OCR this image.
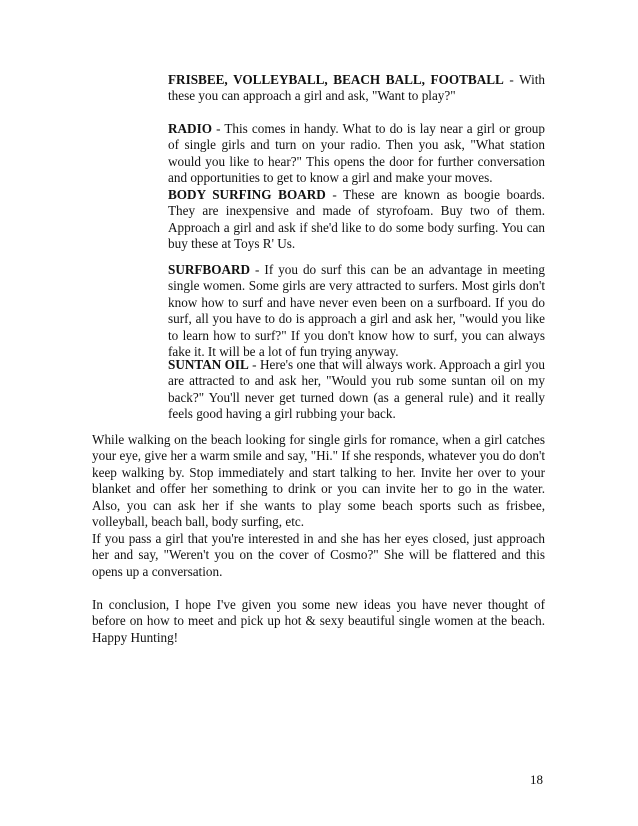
FRISBEE, VOLLEYBALL, BEACH BALL, FOOTBALL - With these you can approach a girl and ask, "Want to play?"

RADIO - This comes in handy. What to do is lay near a girl or group of single girls and turn on your radio. Then you ask, "What station would you like to hear?" This opens the door for further conversation and opportunities to get to know a girl and make your moves.

BODY SURFING BOARD - These are known as boogie boards. They are inexpensive and made of styrofoam. Buy two of them. Approach a girl and ask if she'd like to do some body surfing. You can buy these at Toys R' Us.

SURFBOARD - If you do surf this can be an advantage in meeting single women. Some girls are very attracted to surfers. Most girls don't know how to surf and have never even been on a surfboard. If you do surf, all you have to do is approach a girl and ask her, "would you like to learn how to surf?" If you don't know how to surf, you can always fake it. It will be a lot of fun trying anyway.

SUNTAN OIL - Here's one that will always work. Approach a girl you are attracted to and ask her, "Would you rub some suntan oil on my back?" You'll never get turned down (as a general rule) and it really feels good having a girl rubbing your back.

While walking on the beach looking for single girls for romance, when a girl catches your eye, give her a warm smile and say, "Hi." If she responds, whatever you do don't keep walking by. Stop immediately and start talking to her. Invite her over to your blanket and offer her something to drink or you can invite her to go in the water. Also, you can ask her if she wants to play some beach sports such as frisbee, volleyball, beach ball, body surfing, etc.

If you pass a girl that you're interested in and she has her eyes closed, just approach her and say, "Weren't you on the cover of Cosmo?" She will be flattered and this opens up a conversation.

In conclusion, I hope I've given you some new ideas you have never thought of before on how to meet and pick up hot & sexy beautiful single women at the beach. Happy Hunting!

18
